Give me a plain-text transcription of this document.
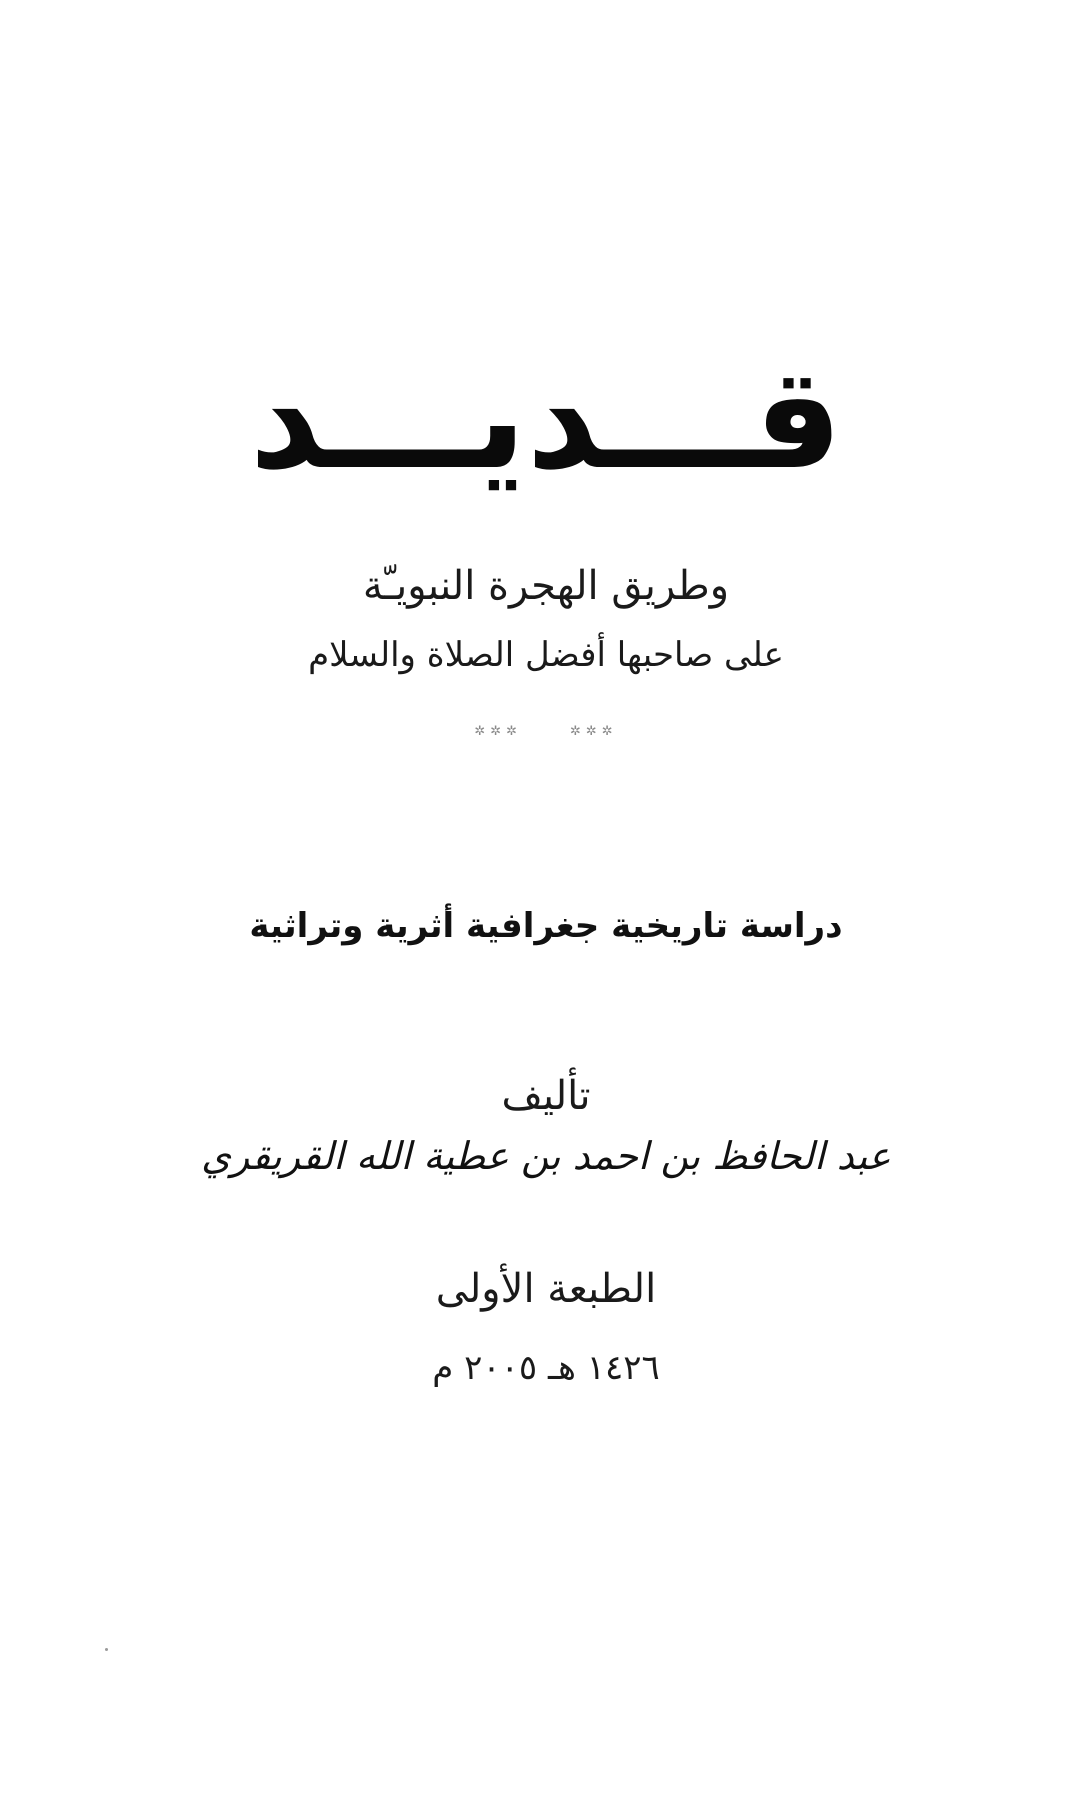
قـــديـــد
وطريق الهجرة النبويـّة
على صاحبها أفضل الصلاة والسلام
✲✲✲✲✲✲
دراسة تاريخية جغرافية أثرية وتراثية
تأليف
عبد الحافظ بن احمد بن عطية الله القريقري
الطبعة الأولى
١٤٢٦ هـ ٢٠٠٥ م
